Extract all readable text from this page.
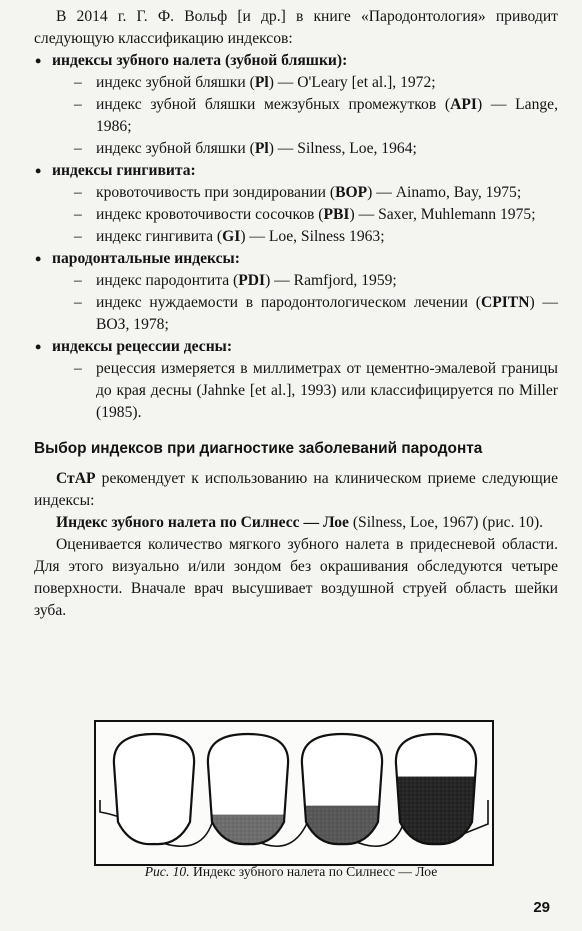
В 2014 г. Г. Ф. Вольф [и др.] в книге «Пародонтология» приводит следующую классификацию индексов:

• индексы зубного налета (зубной бляшки):
– индекс зубной бляшки (Pl) — O'Leary [et al.], 1972;
– индекс зубной бляшки межзубных промежутков (API) — Lange, 1986;
– индекс зубной бляшки (Pl) — Silness, Loe, 1964;
• индексы гингивита:
– кровоточивость при зондировании (BOP) — Ainamo, Bay, 1975;
– индекс кровоточивости сосочков (PBI) — Saxer, Muhlemann 1975;
– индекс гингивита (GI) — Loe, Silness 1963;
• пародонтальные индексы:
– индекс пародонтита (PDI) — Ramfjord, 1959;
– индекс нуждаемости в пародонтологическом лечении (CPITN) — ВОЗ, 1978;
• индексы рецессии десны:
– рецессия измеряется в миллиметрах от цементно-эмалевой границы до края десны (Jahnke [et al.], 1993) или классифицируется по Miller (1985).
Выбор индексов при диагностике заболеваний пародонта

СтАР рекомендует к использованию на клиническом приеме следующие индексы:

Индекс зубного налета по Силнесс — Лое (Silness, Loe, 1967) (рис. 10).

Оценивается количество мягкого зубного налета в придесневой области. Для этого визуально и/или зондом без окрашивания обследуются четыре поверхности. Вначале врач высушивает воздушной струей область шейки зуба.

Рис. 10. Индекс зубного налета по Силнесс — Лое
29
